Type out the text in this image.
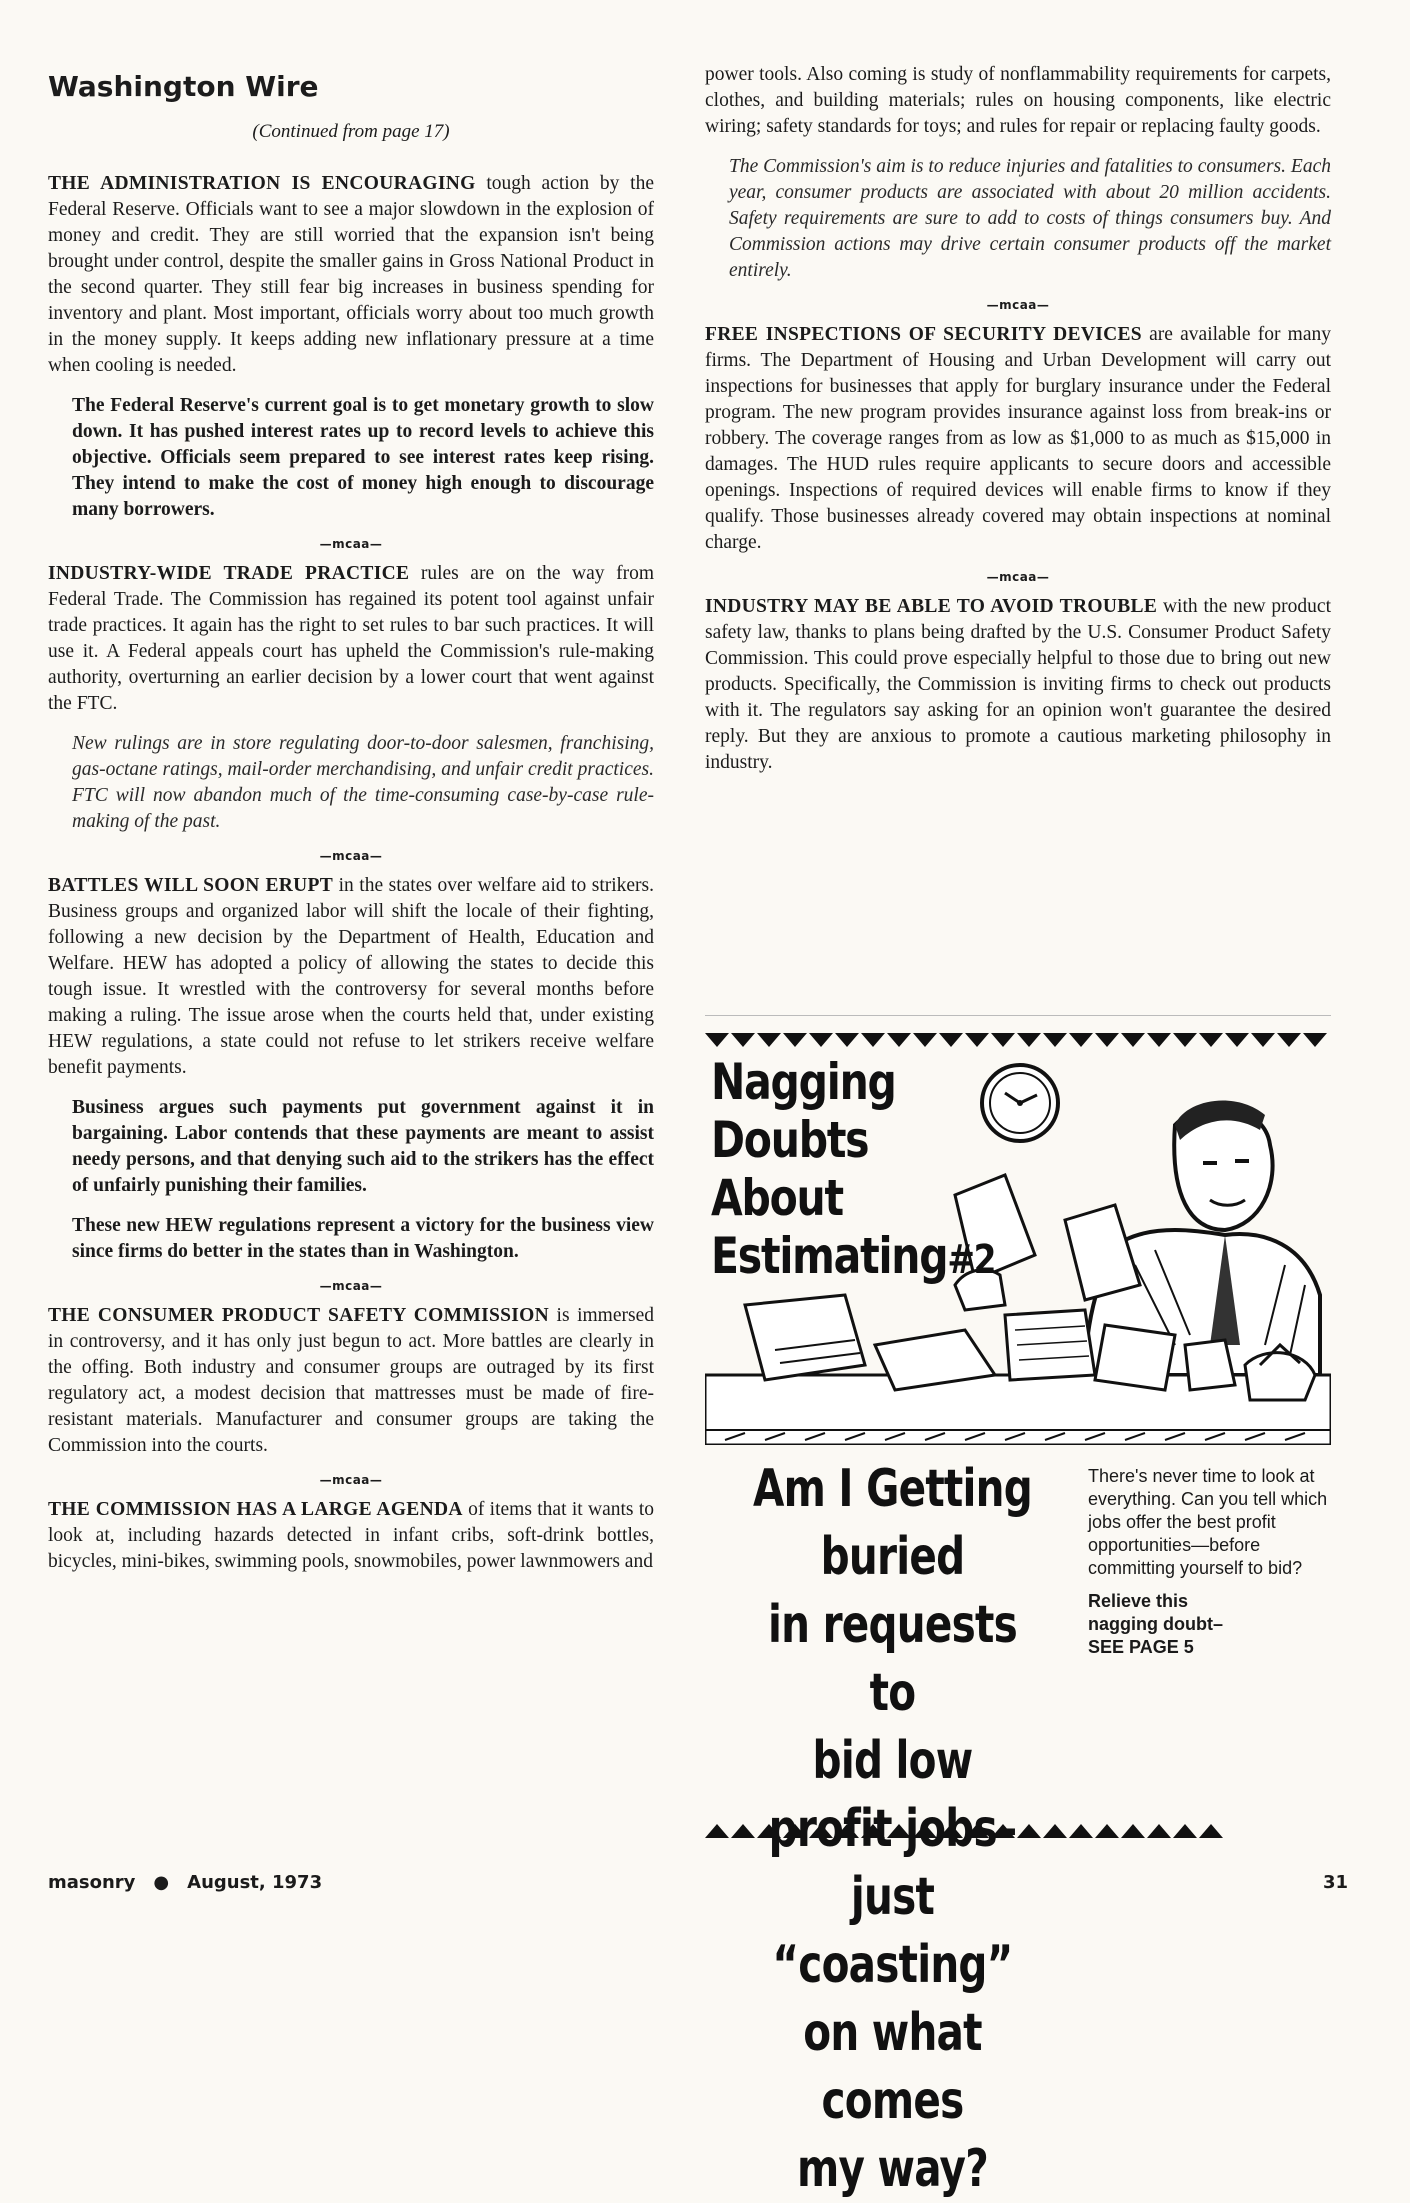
Washington Wire
(Continued from page 17)

THE ADMINISTRATION IS ENCOURAGING tough action by the Federal Reserve. Officials want to see a major slowdown in the explosion of money and credit. They are still worried that the expansion isn't being brought under control, despite the smaller gains in Gross National Product in the second quarter. They still fear big increases in business spending for inventory and plant. Most important, officials worry about too much growth in the money supply. It keeps adding new inflationary pressure at a time when cooling is needed.

The Federal Reserve's current goal is to get monetary growth to slow down. It has pushed interest rates up to record levels to achieve this objective. Officials seem prepared to see interest rates keep rising. They intend to make the cost of money high enough to discourage many borrowers.

—mcaa—

INDUSTRY-WIDE TRADE PRACTICE rules are on the way from Federal Trade. The Commission has regained its potent tool against unfair trade practices. It again has the right to set rules to bar such practices. It will use it. A Federal appeals court has upheld the Commission's rule-making authority, overturning an earlier decision by a lower court that went against the FTC.

New rulings are in store regulating door-to-door salesmen, franchising, gas-octane ratings, mail-order merchandising, and unfair credit practices. FTC will now abandon much of the time-consuming case-by-case rule-making of the past.

—mcaa—

BATTLES WILL SOON ERUPT in the states over welfare aid to strikers. Business groups and organized labor will shift the locale of their fighting, following a new decision by the Department of Health, Education and Welfare. HEW has adopted a policy of allowing the states to decide this tough issue. It wrestled with the controversy for several months before making a ruling. The issue arose when the courts held that, under existing HEW regulations, a state could not refuse to let strikers receive welfare benefit payments.

Business argues such payments put government against it in bargaining. Labor contends that these payments are meant to assist needy persons, and that denying such aid to the strikers has the effect of unfairly punishing their families.

These new HEW regulations represent a victory for the business view since firms do better in the states than in Washington.

—mcaa—

THE CONSUMER PRODUCT SAFETY COMMISSION is immersed in controversy, and it has only just begun to act. More battles are clearly in the offing. Both industry and consumer groups are outraged by its first regulatory act, a modest decision that mattresses must be made of fire-resistant materials. Manufacturer and consumer groups are taking the Commission into the courts.

—mcaa—

THE COMMISSION HAS A LARGE AGENDA of items that it wants to look at, including hazards detected in infant cribs, soft-drink bottles, bicycles, mini-bikes, swimming pools, snowmobiles, power lawnmowers and

power tools. Also coming is study of nonflammability requirements for carpets, clothes, and building materials; rules on housing components, like electric wiring; safety standards for toys; and rules for repair or replacing faulty goods.

The Commission's aim is to reduce injuries and fatalities to consumers. Each year, consumer products are associated with about 20 million accidents. Safety requirements are sure to add to costs of things consumers buy. And Commission actions may drive certain consumer products off the market entirely.

—mcaa—

FREE INSPECTIONS OF SECURITY DEVICES are available for many firms. The Department of Housing and Urban Development will carry out inspections for businesses that apply for burglary insurance under the Federal program. The new program provides insurance against loss from break-ins or robbery. The coverage ranges from as low as $1,000 to as much as $15,000 in damages. The HUD rules require applicants to secure doors and accessible openings. Inspections of required devices will enable firms to know if they qualify. Those businesses already covered may obtain inspections at nominal charge.

—mcaa—

INDUSTRY MAY BE ABLE TO AVOID TROUBLE with the new product safety law, thanks to plans being drafted by the U.S. Consumer Product Safety Commission. This could prove especially helpful to those due to bring out new products. Specifically, the Commission is inviting firms to check out products with it. The regulators say asking for an opinion won't guarantee the desired reply. But they are anxious to promote a cautious marketing philosophy in industry.

Nagging
Doubts About
Estimating#2
Am I Getting buried
in requests to
bid low profit jobs–
just “coasting”
on what comes
my way?
There's never time to look at everything. Can you tell which jobs offer the best profit opportunities—before committing yourself to bid?
Relieve this
nagging doubt–
SEE PAGE 5
masonry ● August, 1973	31
